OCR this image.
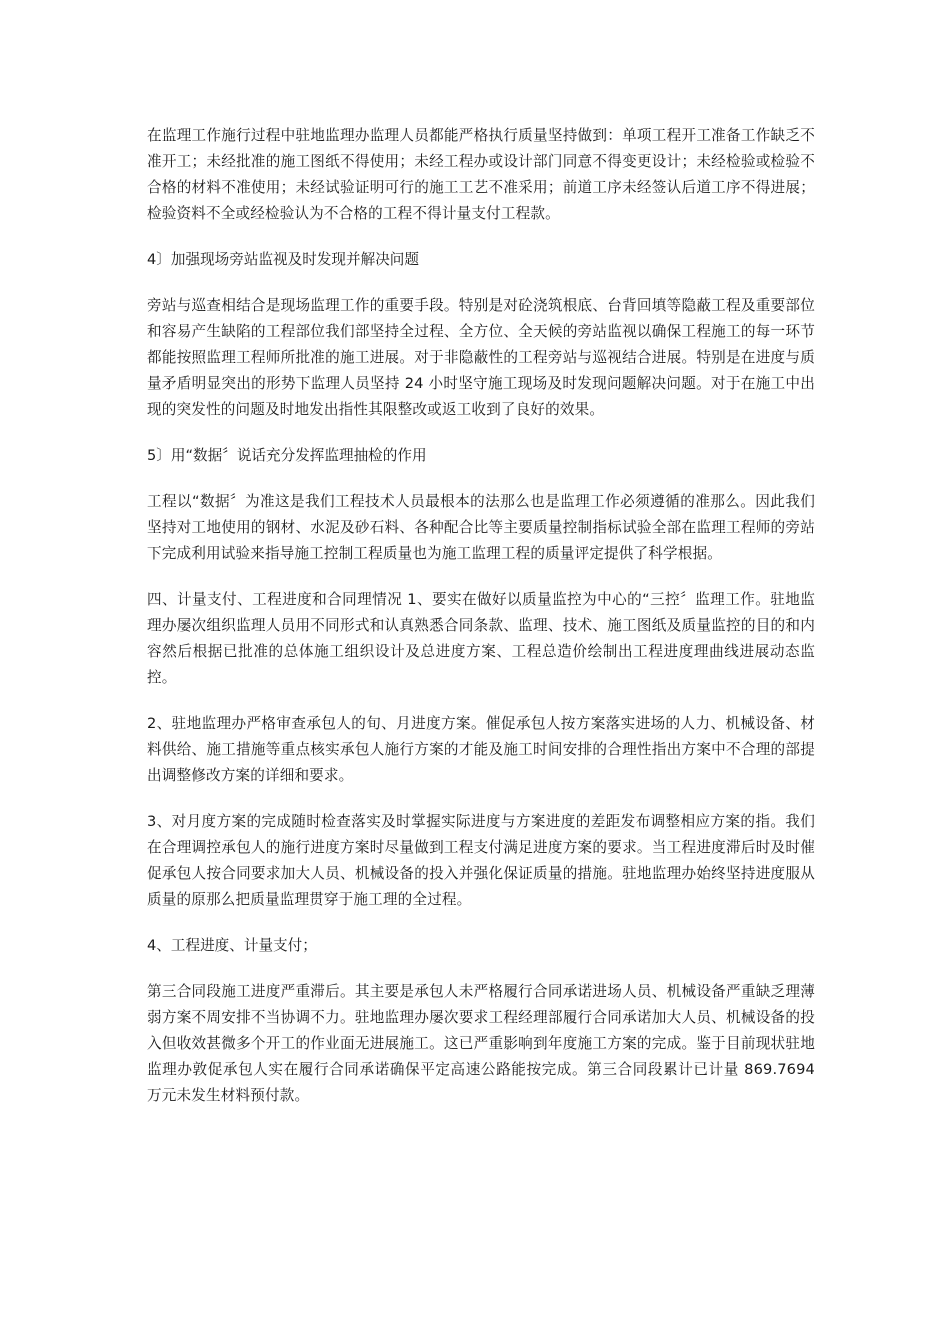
在监理工作施行过程中驻地监理办监理人员都能严格执行质量坚持做到：单项工程开工准备工作缺乏不准开工；未经批准的施工图纸不得使用；未经工程办或设计部门同意不得变更设计；未经检验或检验不合格的材料不准使用；未经试验证明可行的施工工艺不准采用；前道工序未经签认后道工序不得进展；检验资料不全或经检验认为不合格的工程不得计量支付工程款。

4〕加强现场旁站监视及时发现并解决问题

旁站与巡查相结合是现场监理工作的重要手段。特别是对砼浇筑根底、台背回填等隐蔽工程及重要部位和容易产生缺陷的工程部位我们部坚持全过程、全方位、全天候的旁站监视以确保工程施工的每一环节都能按照监理工程师所批准的施工进展。对于非隐蔽性的工程旁站与巡视结合进展。特别是在进度与质量矛盾明显突出的形势下监理人员坚持 24 小时坚守施工现场及时发现问题解决问题。对于在施工中出现的突发性的问题及时地发出指性其限整改或返工收到了良好的效果。

5〕用“数据〞说话充分发挥监理抽检的作用

工程以“数据〞为准这是我们工程技术人员最根本的法那么也是监理工作必须遵循的准那么。因此我们坚持对工地使用的钢材、水泥及砂石料、各种配合比等主要质量控制指标试验全部在监理工程师的旁站下完成利用试验来指导施工控制工程质量也为施工监理工程的质量评定提供了科学根据。

四、计量支付、工程进度和合同理情况 1、要实在做好以质量监控为中心的“三控〞监理工作。驻地监理办屡次组织监理人员用不同形式和认真熟悉合同条款、监理、技术、施工图纸及质量监控的目的和内容然后根据已批准的总体施工组织设计及总进度方案、工程总造价绘制出工程进度理曲线进展动态监控。

2、驻地监理办严格审查承包人的旬、月进度方案。催促承包人按方案落实进场的人力、机械设备、材料供给、施工措施等重点核实承包人施行方案的才能及施工时间安排的合理性指出方案中不合理的部提出调整修改方案的详细和要求。

3、对月度方案的完成随时检查落实及时掌握实际进度与方案进度的差距发布调整相应方案的指。我们在合理调控承包人的施行进度方案时尽量做到工程支付满足进度方案的要求。当工程进度滞后时及时催促承包人按合同要求加大人员、机械设备的投入并强化保证质量的措施。驻地监理办始终坚持进度服从质量的原那么把质量监理贯穿于施工理的全过程。

4、工程进度、计量支付；

第三合同段施工进度严重滞后。其主要是承包人未严格履行合同承诺进场人员、机械设备严重缺乏理薄弱方案不周安排不当协调不力。驻地监理办屡次要求工程经理部履行合同承诺加大人员、机械设备的投入但收效甚微多个开工的作业面无进展施工。这已严重影响到年度施工方案的完成。鉴于目前现状驻地监理办敦促承包人实在履行合同承诺确保平定高速公路能按完成。第三合同段累计已计量 869.7694 万元未发生材料预付款。
